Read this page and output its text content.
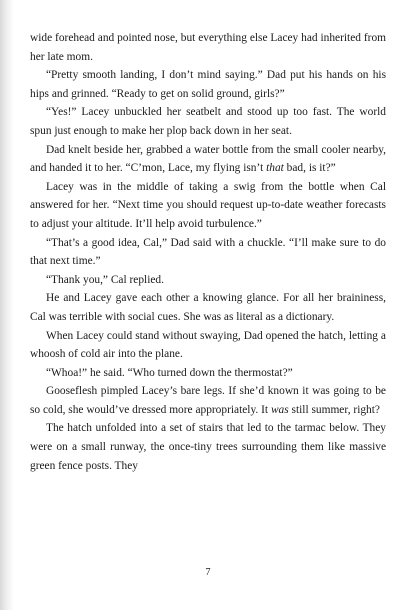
wide forehead and pointed nose, but everything else Lacey had inherited from her late mom.

“Pretty smooth landing, I don’t mind saying.” Dad put his hands on his hips and grinned. “Ready to get on solid ground, girls?”

“Yes!” Lacey unbuckled her seatbelt and stood up too fast. The world spun just enough to make her plop back down in her seat.

Dad knelt beside her, grabbed a water bottle from the small cooler nearby, and handed it to her. “C’mon, Lace, my flying isn’t that bad, is it?”

Lacey was in the middle of taking a swig from the bottle when Cal answered for her. “Next time you should request up-to-date weather forecasts to adjust your altitude. It’ll help avoid turbulence.”

“That’s a good idea, Cal,” Dad said with a chuckle. “I’ll make sure to do that next time.”

“Thank you,” Cal replied.

He and Lacey gave each other a knowing glance. For all her braininess, Cal was terrible with social cues. She was as literal as a dictionary.

When Lacey could stand without swaying, Dad opened the hatch, letting a whoosh of cold air into the plane.

“Whoa!” he said. “Who turned down the thermostat?”

Gooseflesh pimpled Lacey’s bare legs. If she’d known it was going to be so cold, she would’ve dressed more appropriately. It was still summer, right?

The hatch unfolded into a set of stairs that led to the tarmac below. They were on a small runway, the once-tiny trees surrounding them like massive green fence posts. They

7
